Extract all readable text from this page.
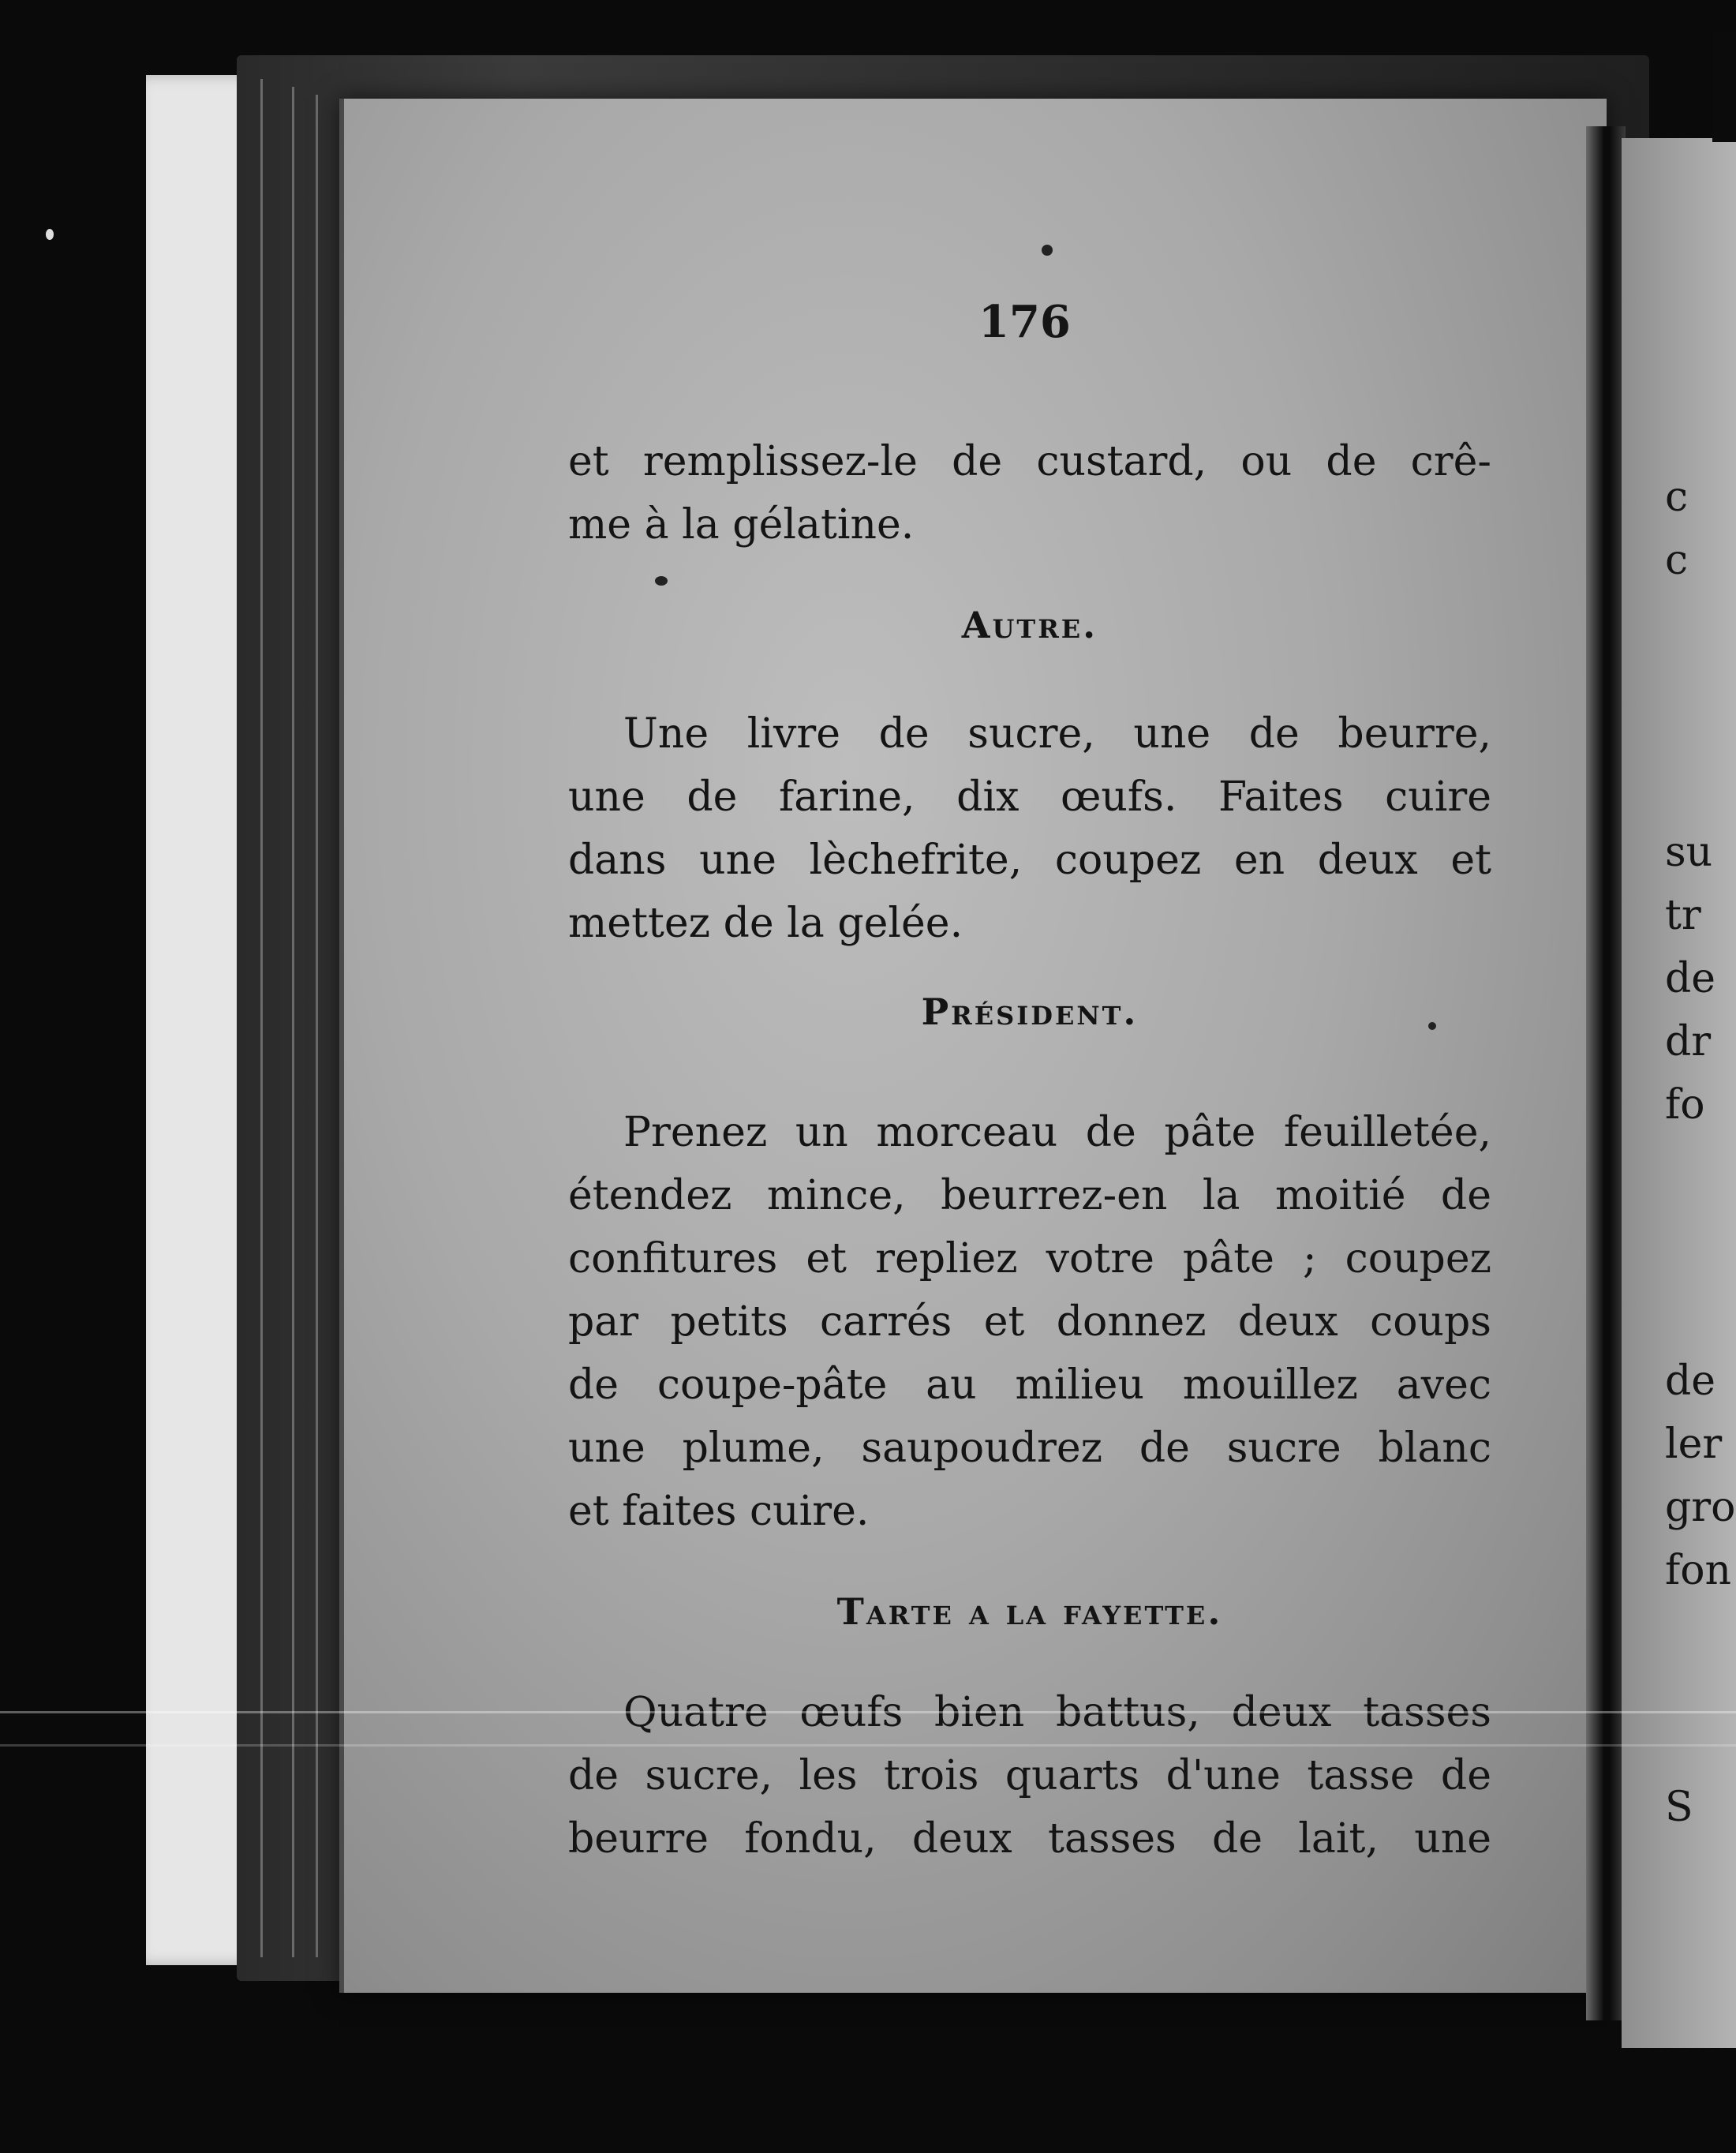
176
et remplissez-le de custard, ou de crê-
me à la gélatine.
Autre.
Une livre de sucre, une de beurre,
une de farine, dix œufs. Faites cuire
dans une lèchefrite, coupez en deux et
mettez de la gelée.
Président.
Prenez un morceau de pâte feuilletée,
étendez mince, beurrez-en la moitié de
confitures et repliez votre pâte ; coupez
par petits carrés et donnez deux coups
de coupe-pâte au milieu mouillez avec
une plume, saupoudrez de sucre blanc
et faites cuire.
Tarte a la fayette.
Quatre œufs bien battus, deux tasses
de sucre, les trois quarts d'une tasse de
beurre fondu, deux tasses de lait, une
c
c
su
tr
de
dr
fo
de
ler
gro
fon
S
